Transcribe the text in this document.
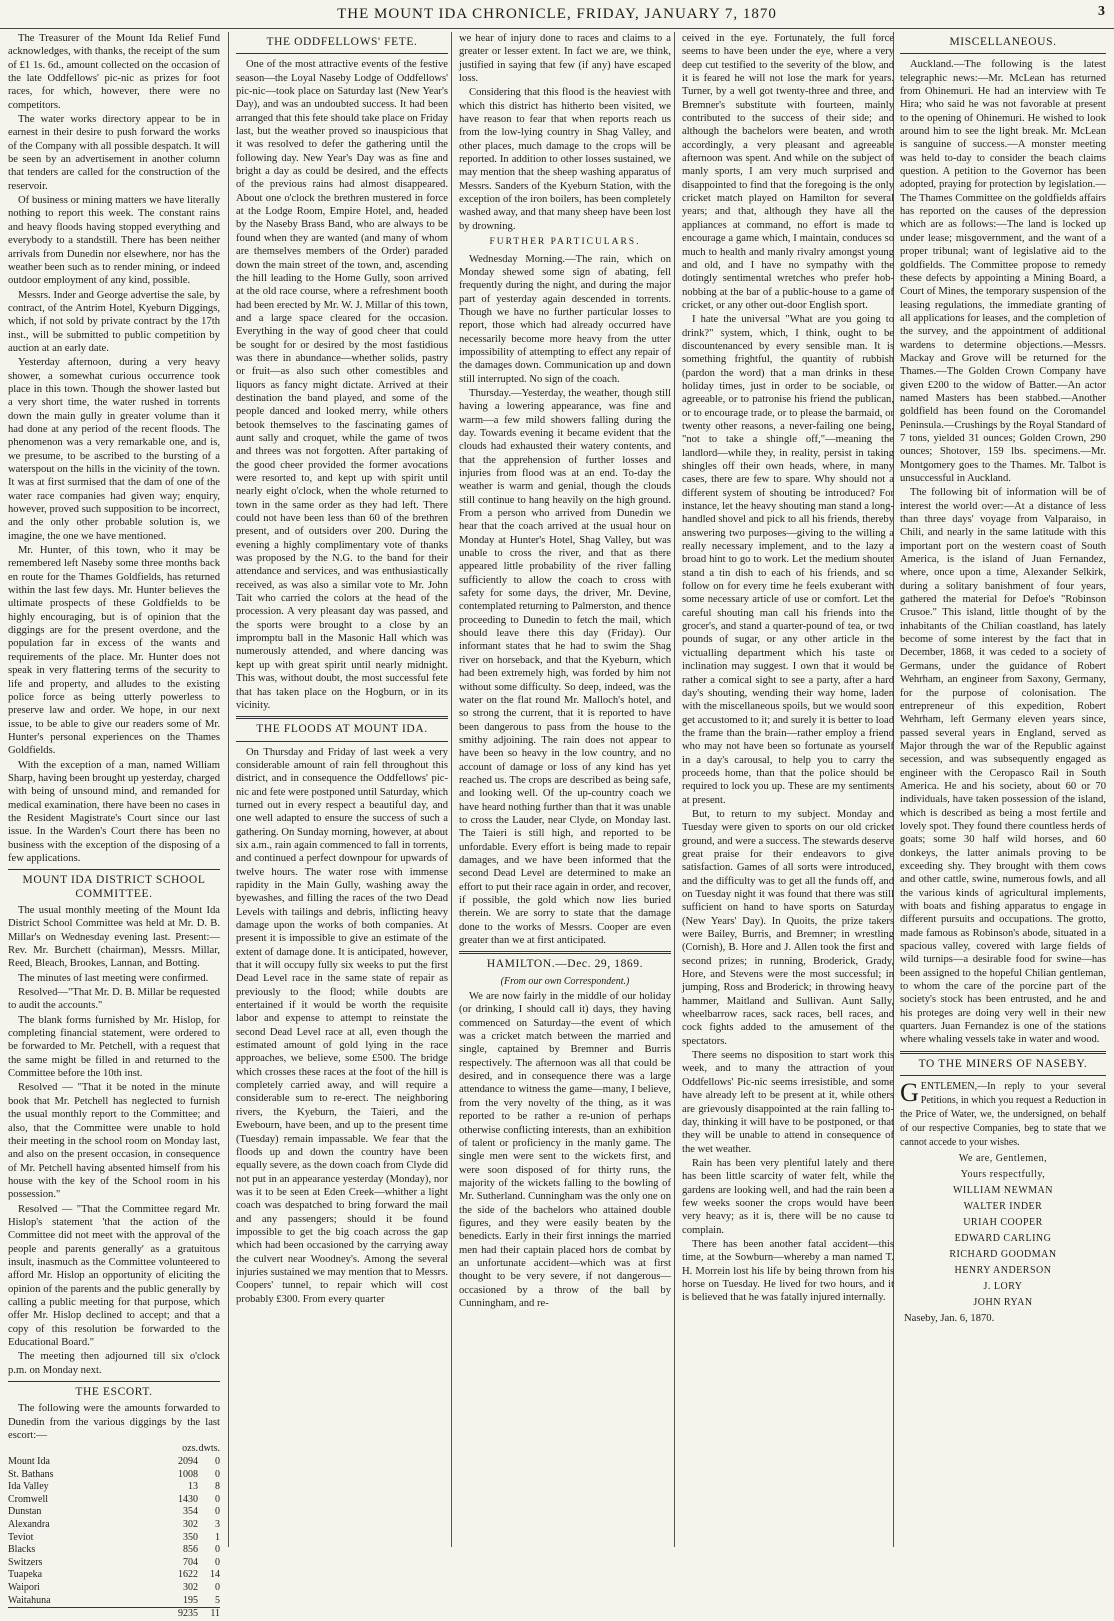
THE MOUNT IDA CHRONICLE, FRIDAY, JANUARY 7, 1870	3

The Treasurer of the Mount Ida Relief Fund acknowledges, with thanks, the receipt of the sum of £1 1s. 6d., amount collected on the occasion of the late Oddfellows' pic-nic as prizes for foot races, for which, however, there were no competitors.

The water works directory appear to be in earnest in their desire to push forward the works of the Company with all possible despatch. It will be seen by an advertisement in another column that tenders are called for the construction of the reservoir.

Of business or mining matters we have literally nothing to report this week. The constant rains and heavy floods having stopped everything and everybody to a standstill. There has been neither arrivals from Dunedin nor elsewhere, nor has the weather been such as to render mining, or indeed outdoor employment of any kind, possible.

Messrs. Inder and George advertise the sale, by contract, of the Antrim Hotel, Kyeburn Diggings, which, if not sold by private contract by the 17th inst., will be submitted to public competition by auction at an early date.

Yesterday afternoon, during a very heavy shower, a somewhat curious occurrence took place in this town. Though the shower lasted but a very short time, the water rushed in torrents down the main gully in greater volume than it had done at any period of the recent floods. The phenomenon was a very remarkable one, and is, we presume, to be ascribed to the bursting of a waterspout on the hills in the vicinity of the town. It was at first surmised that the dam of one of the water race companies had given way; enquiry, however, proved such supposition to be incorrect, and the only other probable solution is, we imagine, the one we have mentioned.

Mr. Hunter, of this town, who it may be remembered left Naseby some three months back en route for the Thames Goldfields, has returned within the last few days. Mr. Hunter believes the ultimate prospects of these Goldfields to be highly encouraging, but is of opinion that the diggings are for the present overdone, and the population far in excess of the wants and requirements of the place. Mr. Hunter does not speak in very flattering terms of the security to life and property, and alludes to the existing police force as being utterly powerless to preserve law and order. We hope, in our next issue, to be able to give our readers some of Mr. Hunter's personal experiences on the Thames Goldfields.

With the exception of a man, named William Sharp, having been brought up yesterday, charged with being of unsound mind, and remanded for medical examination, there have been no cases in the Resident Magistrate's Court since our last issue. In the Warden's Court there has been no business with the exception of the disposing of a few applications.

MOUNT IDA DISTRICT SCHOOL COMMITTEE.

The usual monthly meeting of the Mount Ida District School Committee was held at Mr. D. B. Millar's on Wednesday evening last. Present:—Rev. Mr. Burchett (chairman), Messrs. Millar, Reed, Bleach, Brookes, Lannan, and Botting.

The minutes of last meeting were confirmed.

Resolved—"That Mr. D. B. Millar be requested to audit the accounts."

The blank forms furnished by Mr. Hislop, for completing financial statement, were ordered to be forwarded to Mr. Petchell, with a request that the same might be filled in and returned to the Committee before the 10th inst.

Resolved — "That it be noted in the minute book that Mr. Petchell has neglected to furnish the usual monthly report to the Committee; and also, that the Committee were unable to hold their meeting in the school room on Monday last, and also on the present occasion, in consequence of Mr. Petchell having absented himself from his house with the key of the School room in his possession."

Resolved — "That the Committee regard Mr. Hislop's statement 'that the action of the Committee did not meet with the approval of the people and parents generally' as a gratuitous insult, inasmuch as the Committee volunteered to afford Mr. Hislop an opportunity of eliciting the opinion of the parents and the public generally by calling a public meeting for that purpose, which offer Mr. Hislop declined to accept; and that a copy of this resolution be forwarded to the Educational Board."

The meeting then adjourned till six o'clock p.m. on Monday next.

THE ESCORT.

The following were the amounts forwarded to Dunedin from the various diggings by the last escort:—

	ozs.	dwts.
Mount Ida	2094	0
St. Bathans	1008	0
Ida Valley	13	8
Cromwell	1430	0
Dunstan	354	0
Alexandra	302	3
Teviot	350	1
Blacks	856	0
Switzers	704	0
Tuapeka	1622	14
Waipori	302	0
Waitahuna	195	5
	9235	11
THE ODDFELLOWS' FETE.

One of the most attractive events of the festive season—the Loyal Naseby Lodge of Oddfellows' pic-nic—took place on Saturday last (New Year's Day), and was an undoubted success. It had been arranged that this fete should take place on Friday last, but the weather proved so inauspicious that it was resolved to defer the gathering until the following day. New Year's Day was as fine and bright a day as could be desired, and the effects of the previous rains had almost disappeared. About one o'clock the brethren mustered in force at the Lodge Room, Empire Hotel, and, headed by the Naseby Brass Band, who are always to be found when they are wanted (and many of whom are themselves members of the Order) paraded down the main street of the town, and, ascending the hill leading to the Home Gully, soon arrived at the old race course, where a refreshment booth had been erected by Mr. W. J. Millar of this town, and a large space cleared for the occasion. Everything in the way of good cheer that could be sought for or desired by the most fastidious was there in abundance—whether solids, pastry or fruit—as also such other comestibles and liquors as fancy might dictate. Arrived at their destination the band played, and some of the people danced and looked merry, while others betook themselves to the fascinating games of aunt sally and croquet, while the game of twos and threes was not forgotten. After partaking of the good cheer provided the former avocations were resorted to, and kept up with spirit until nearly eight o'clock, when the whole returned to town in the same order as they had left. There could not have been less than 60 of the brethren present, and of outsiders over 200. During the evening a highly complimentary vote of thanks was proposed by the N.G. to the band for their attendance and services, and was enthusiastically received, as was also a similar vote to Mr. John Tait who carried the colors at the head of the procession. A very pleasant day was passed, and the sports were brought to a close by an impromptu ball in the Masonic Hall which was numerously attended, and where dancing was kept up with great spirit until nearly midnight. This was, without doubt, the most successful fete that has taken place on the Hogburn, or in its vicinity.

THE FLOODS AT MOUNT IDA.

On Thursday and Friday of last week a very considerable amount of rain fell throughout this district, and in consequence the Oddfellows' pic-nic and fete were postponed until Saturday, which turned out in every respect a beautiful day, and one well adapted to ensure the success of such a gathering. On Sunday morning, however, at about six a.m., rain again commenced to fall in torrents, and continued a perfect downpour for upwards of twelve hours. The water rose with immense rapidity in the Main Gully, washing away the byewashes, and filling the races of the two Dead Levels with tailings and debris, inflicting heavy damage upon the works of both companies. At present it is impossible to give an estimate of the extent of damage done. It is anticipated, however, that it will occupy fully six weeks to put the first Dead Level race in the same state of repair as previously to the flood; while doubts are entertained if it would be worth the requisite labor and expense to attempt to reinstate the second Dead Level race at all, even though the estimated amount of gold lying in the race approaches, we believe, some £500. The bridge which crosses these races at the foot of the hill is completely carried away, and will require a considerable sum to re-erect. The neighboring rivers, the Kyeburn, the Taieri, and the Ewebourn, have been, and up to the present time (Tuesday) remain impassable. We fear that the floods up and down the country have been equally severe, as the down coach from Clyde did not put in an appearance yesterday (Monday), nor was it to be seen at Eden Creek—whither a light coach was despatched to bring forward the mail and any passengers; should it be found impossible to get the big coach across the gap which had been occasioned by the carrying away the culvert near Woodney's. Among the several injuries sustained we may mention that to Messrs. Coopers' tunnel, to repair which will cost probably £300. From every quarter

we hear of injury done to races and claims to a greater or lesser extent. In fact we are, we think, justified in saying that few (if any) have escaped loss.

Considering that this flood is the heaviest with which this district has hitherto been visited, we have reason to fear that when reports reach us from the low-lying country in Shag Valley, and other places, much damage to the crops will be reported. In addition to other losses sustained, we may mention that the sheep washing apparatus of Messrs. Sanders of the Kyeburn Station, with the exception of the iron boilers, has been completely washed away, and that many sheep have been lost by drowning.

FURTHER PARTICULARS.

Wednesday Morning.—The rain, which on Monday shewed some sign of abating, fell frequently during the night, and during the major part of yesterday again descended in torrents. Though we have no further particular losses to report, those which had already occurred have necessarily become more heavy from the utter impossibility of attempting to effect any repair of the damages down. Communication up and down still interrupted. No sign of the coach.

Thursday.—Yesterday, the weather, though still having a lowering appearance, was fine and warm—a few mild showers falling during the day. Towards evening it became evident that the clouds had exhausted their watery contents, and that the apprehension of further losses and injuries from flood was at an end. To-day the weather is warm and genial, though the clouds still continue to hang heavily on the high ground. From a person who arrived from Dunedin we hear that the coach arrived at the usual hour on Monday at Hunter's Hotel, Shag Valley, but was unable to cross the river, and that as there appeared little probability of the river falling sufficiently to allow the coach to cross with safety for some days, the driver, Mr. Devine, contemplated returning to Palmerston, and thence proceeding to Dunedin to fetch the mail, which should leave there this day (Friday). Our informant states that he had to swim the Shag river on horseback, and that the Kyeburn, which had been extremely high, was forded by him not without some difficulty. So deep, indeed, was the water on the flat round Mr. Malloch's hotel, and so strong the current, that it is reported to have been dangerous to pass from the house to the smithy adjoining. The rain does not appear to have been so heavy in the low country, and no account of damage or loss of any kind has yet reached us. The crops are described as being safe, and looking well. Of the up-country coach we have heard nothing further than that it was unable to cross the Lauder, near Clyde, on Monday last. The Taieri is still high, and reported to be unfordable. Every effort is being made to repair damages, and we have been informed that the second Dead Level are determined to make an effort to put their race again in order, and recover, if possible, the gold which now lies buried therein. We are sorry to state that the damage done to the works of Messrs. Cooper are even greater than we at first anticipated.

HAMILTON.—Dec. 29, 1869.
(From our own Correspondent.)

We are now fairly in the middle of our holiday (or drinking, I should call it) days, they having commenced on Saturday—the event of which was a cricket match between the married and single, captained by Bremner and Burris respectively. The afternoon was all that could be desired, and in consequence there was a large attendance to witness the game—many, I believe, from the very novelty of the thing, as it was reported to be rather a re-union of perhaps otherwise conflicting interests, than an exhibition of talent or proficiency in the manly game. The single men were sent to the wickets first, and were soon disposed of for thirty runs, the majority of the wickets falling to the bowling of Mr. Sutherland. Cunningham was the only one on the side of the bachelors who attained double figures, and they were easily beaten by the benedicts. Early in their first innings the married men had their captain placed hors de combat by an unfortunate accident—which was at first thought to be very severe, if not dangerous—occasioned by a throw of the ball by Cunningham, and re-

ceived in the eye. Fortunately, the full force seems to have been under the eye, where a very deep cut testified to the severity of the blow, and it is feared he will not lose the mark for years. Turner, by a well got twenty-three and three, and Bremner's substitute with fourteen, mainly contributed to the success of their side; and although the bachelors were beaten, and wroth accordingly, a very pleasant and agreeable afternoon was spent. And while on the subject of manly sports, I am very much surprised and disappointed to find that the foregoing is the only cricket match played on Hamilton for several years; and that, although they have all the appliances at command, no effort is made to encourage a game which, I maintain, conduces so much to health and manly rivalry amongst young and old, and I have no sympathy with the dotingly sentimental wretches who prefer hob-nobbing at the bar of a public-house to a game of cricket, or any other out-door English sport.

I hate the universal "What are you going to drink?" system, which, I think, ought to be discountenanced by every sensible man. It is something frightful, the quantity of rubbish (pardon the word) that a man drinks in these holiday times, just in order to be sociable, or agreeable, or to patronise his friend the publican, or to encourage trade, or to please the barmaid, or twenty other reasons, a never-failing one being, "not to take a shingle off,"—meaning the landlord—while they, in reality, persist in taking shingles off their own heads, where, in many cases, there are few to spare. Why should not a different system of shouting be introduced? For instance, let the heavy shouting man stand a long-handled shovel and pick to all his friends, thereby answering two purposes—giving to the willing a really necessary implement, and to the lazy a broad hint to go to work. Let the medium shouter stand a tin dish to each of his friends, and so follow on for every time he feels exuberant with some necessary article of use or comfort. Let the careful shouting man call his friends into the grocer's, and stand a quarter-pound of tea, or two pounds of sugar, or any other article in the victualling department which his taste or inclination may suggest. I own that it would be rather a comical sight to see a party, after a hard day's shouting, wending their way home, laden with the miscellaneous spoils, but we would soon get accustomed to it; and surely it is better to load the frame than the brain—rather employ a friend who may not have been so fortunate as yourself in a day's carousal, to help you to carry the proceeds home, than that the police should be required to lock you up. These are my sentiments at present.

But, to return to my subject. Monday and Tuesday were given to sports on our old cricket ground, and were a success. The stewards deserve great praise for their endeavors to give satisfaction. Games of all sorts were introduced, and the difficulty was to get all the funds off, and on Tuesday night it was found that there was still sufficient on hand to have sports on Saturday (New Years' Day). In Quoits, the prize takers were Bailey, Burris, and Bremner; in wrestling (Cornish), B. Hore and J. Allen took the first and second prizes; in running, Broderick, Grady, Hore, and Stevens were the most successful; in jumping, Ross and Broderick; in throwing heavy hammer, Maitland and Sullivan. Aunt Sally, wheelbarrow races, sack races, bell races, and cock fights added to the amusement of the spectators.

There seems no disposition to start work this week, and to many the attraction of your Oddfellows' Pic-nic seems irresistible, and some have already left to be present at it, while others are grievously disappointed at the rain falling to-day, thinking it will have to be postponed, or that they will be unable to attend in consequence of the wet weather.

Rain has been very plentiful lately and there has been little scarcity of water felt, while the gardens are looking well, and had the rain been a few weeks sooner the crops would have been very heavy; as it is, there will be no cause to complain.

There has been another fatal accident—this time, at the Sowburn—whereby a man named T. H. Morrein lost his life by being thrown from his horse on Tuesday. He lived for two hours, and it is believed that he was fatally injured internally.

MISCELLANEOUS.

Auckland.—The following is the latest telegraphic news:—Mr. McLean has returned from Ohinemuri. He had an interview with Te Hira; who said he was not favorable at present to the opening of Ohinemuri. He wished to look around him to see the light break. Mr. McLean is sanguine of success.—A monster meeting was held to-day to consider the beach claims question. A petition to the Governor has been adopted, praying for protection by legislation.—The Thames Committee on the goldfields affairs has reported on the causes of the depression which are as follows:—The land is locked up under lease; misgovernment, and the want of a proper tribunal; want of legislative aid to the goldfields. The Committee propose to remedy these defects by appointing a Mining Board, a Court of Mines, the temporary suspension of the leasing regulations, the immediate granting of all applications for leases, and the completion of the survey, and the appointment of additional wardens to determine objections.—Messrs. Mackay and Grove will be returned for the Thames.—The Golden Crown Company have given £200 to the widow of Batter.—An actor named Masters has been stabbed.—Another goldfield has been found on the Coromandel Peninsula.—Crushings by the Royal Standard of 7 tons, yielded 31 ounces; Golden Crown, 290 ounces; Shotover, 159 lbs. specimens.—Mr. Montgomery goes to the Thames. Mr. Talbot is unsuccessful in Auckland.

The following bit of information will be of interest the world over:—At a distance of less than three days' voyage from Valparaiso, in Chili, and nearly in the same latitude with this important port on the western coast of South America, is the island of Juan Fernandez, where, once upon a time, Alexander Selkirk, during a solitary banishment of four years, gathered the material for Defoe's "Robinson Crusoe." This island, little thought of by the inhabitants of the Chilian coastland, has lately become of some interest by the fact that in December, 1868, it was ceded to a society of Germans, under the guidance of Robert Wehrham, an engineer from Saxony, Germany, for the purpose of colonisation. The entrepreneur of this expedition, Robert Wehrham, left Germany eleven years since, passed several years in England, served as Major through the war of the Republic against secession, and was subsequently engaged as engineer with the Ceropasco Rail in South America. He and his society, about 60 or 70 individuals, have taken possession of the island, which is described as being a most fertile and lovely spot. They found there countless herds of goats; some 30 half wild horses, and 60 donkeys, the latter animals proving to be exceeding shy. They brought with them cows and other cattle, swine, numerous fowls, and all the various kinds of agricultural implements, with boats and fishing apparatus to engage in different pursuits and occupations. The grotto, made famous as Robinson's abode, situated in a spacious valley, covered with large fields of wild turnips—a desirable food for swine—has been assigned to the hopeful Chilian gentleman, to whom the care of the porcine part of the society's stock has been entrusted, and he and his proteges are doing very well in their new quarters. Juan Fernandez is one of the stations where whaling vessels take in water and wood.

TO THE MINERS OF NASEBY.

GENTLEMEN,—In reply to your several Petitions, in which you request a Reduction in the Price of Water, we, the undersigned, on behalf of our respective Companies, beg to state that we cannot accede to your wishes.

We are, Gentlemen,

Yours respectfully,

WILLIAM NEWMAN

WALTER INDER

URIAH COOPER

EDWARD CARLING

RICHARD GOODMAN

HENRY ANDERSON

J. LORY

JOHN RYAN

Naseby, Jan. 6, 1870.
